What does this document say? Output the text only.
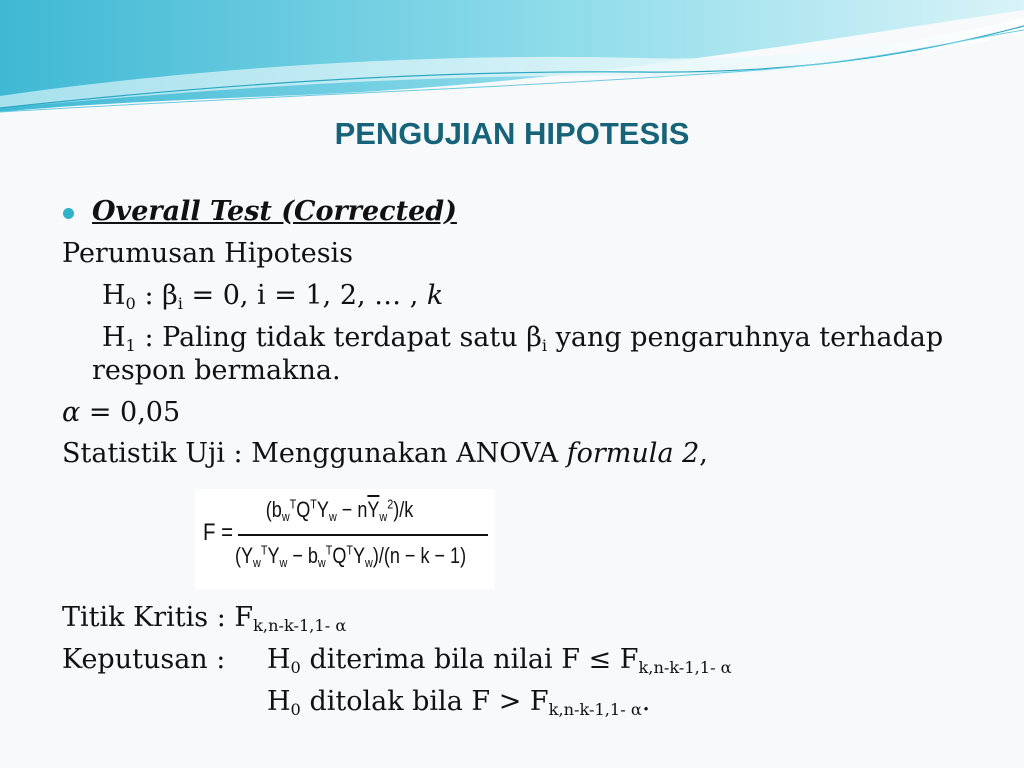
PENGUJIAN HIPOTESIS
Overall Test (Corrected)
Perumusan Hipotesis
$H_0$ : $\beta_i = 0$, i = 1, 2, … , k
$H_1$ : Paling tidak terdapat satu $\beta_i$ yang pengaruhnya terhadap
respon bermakna.
α = 0,05
Statistik Uji : Menggunakan ANOVA formula 2,
F =
$(b_w^TQ^TY_w - n\overline{Y}_w^2)/k$
$(Y_w^TY_w - b_w^TQ^TY_w)/(n - k - 1)$
Titik Kritis : $F_{k,n-k-1,1- \alpha}$
Keputusan : $H_0$ diterima bila nilai $F \le F_{k,n-k-1,1- \alpha}$
$H_0$ ditolak bila $F > F_{k,n-k-1,1- \alpha}$.
